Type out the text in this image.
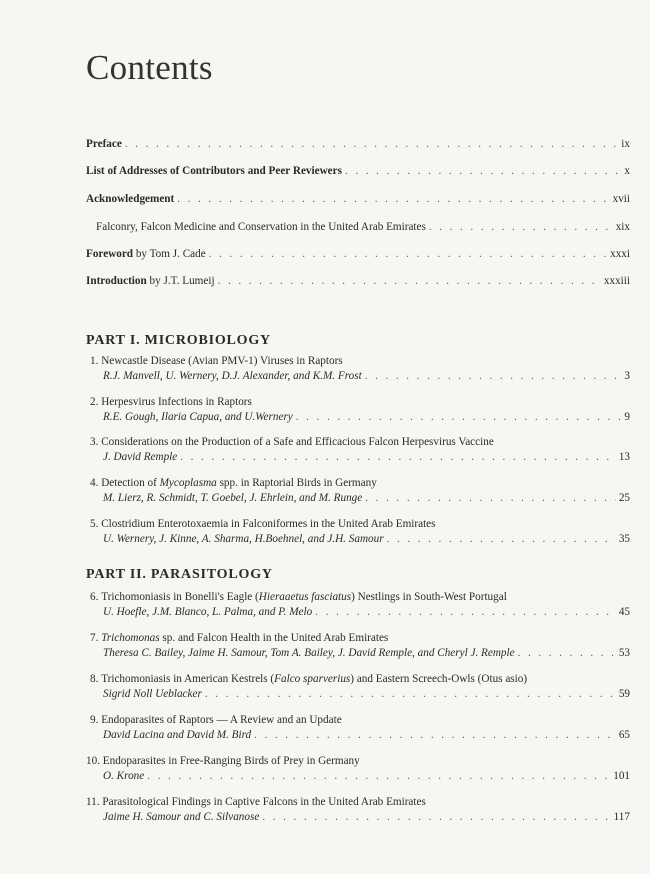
Contents
Preface . . .	ix
List of Addresses of Contributors and Peer Reviewers . . .	x
Acknowledgement . . .	xvii
Falconry, Falcon Medicine and Conservation in the United Arab Emirates . . .	xix
Foreword by Tom J. Cade . . .	xxxi
Introduction by J.T. Lumeij . . .	xxxiii
PART I. MICROBIOLOGY
1. Newcastle Disease (Avian PMV-1) Viruses in Raptors
R.J. Manvell, U. Wernery, D.J. Alexander, and K.M. Frost . . .	3
2. Herpesvirus Infections in Raptors
R.E. Gough, Ilaria Capua, and U.Wernery . . .	9
3. Considerations on the Production of a Safe and Efficacious Falcon Herpesvirus Vaccine
J. David Remple . . .	13
4. Detection of Mycoplasma spp. in Raptorial Birds in Germany
M. Lierz, R. Schmidt, T. Goebel, J. Ehrlein, and M. Runge . . .	25
5. Clostridium Enterotoxaemia in Falconiformes in the United Arab Emirates
U. Wernery, J. Kinne, A. Sharma, H.Boehnel, and J.H. Samour . . .	35
PART II. PARASITOLOGY
6. Trichomoniasis in Bonelli's Eagle (Hieraaetus fasciatus) Nestlings in South-West Portugal
U. Hoefle, J.M. Blanco, L. Palma, and P. Melo . . .	45
7. Trichomonas sp. and Falcon Health in the United Arab Emirates
Theresa C. Bailey, Jaime H. Samour, Tom A. Bailey, J. David Remple, and Cheryl J. Remple . . .	53
8. Trichomoniasis in American Kestrels (Falco sparverius) and Eastern Screech-Owls (Otus asio)
Sigrid Noll Ueblacker . . .	59
9. Endoparasites of Raptors — A Review and an Update
David Lacina and David M. Bird . . .	65
10. Endoparasites in Free-Ranging Birds of Prey in Germany
O. Krone . . .	101
11. Parasitological Findings in Captive Falcons in the United Arab Emirates
Jaime H. Samour and C. Silvanose . . .	117
